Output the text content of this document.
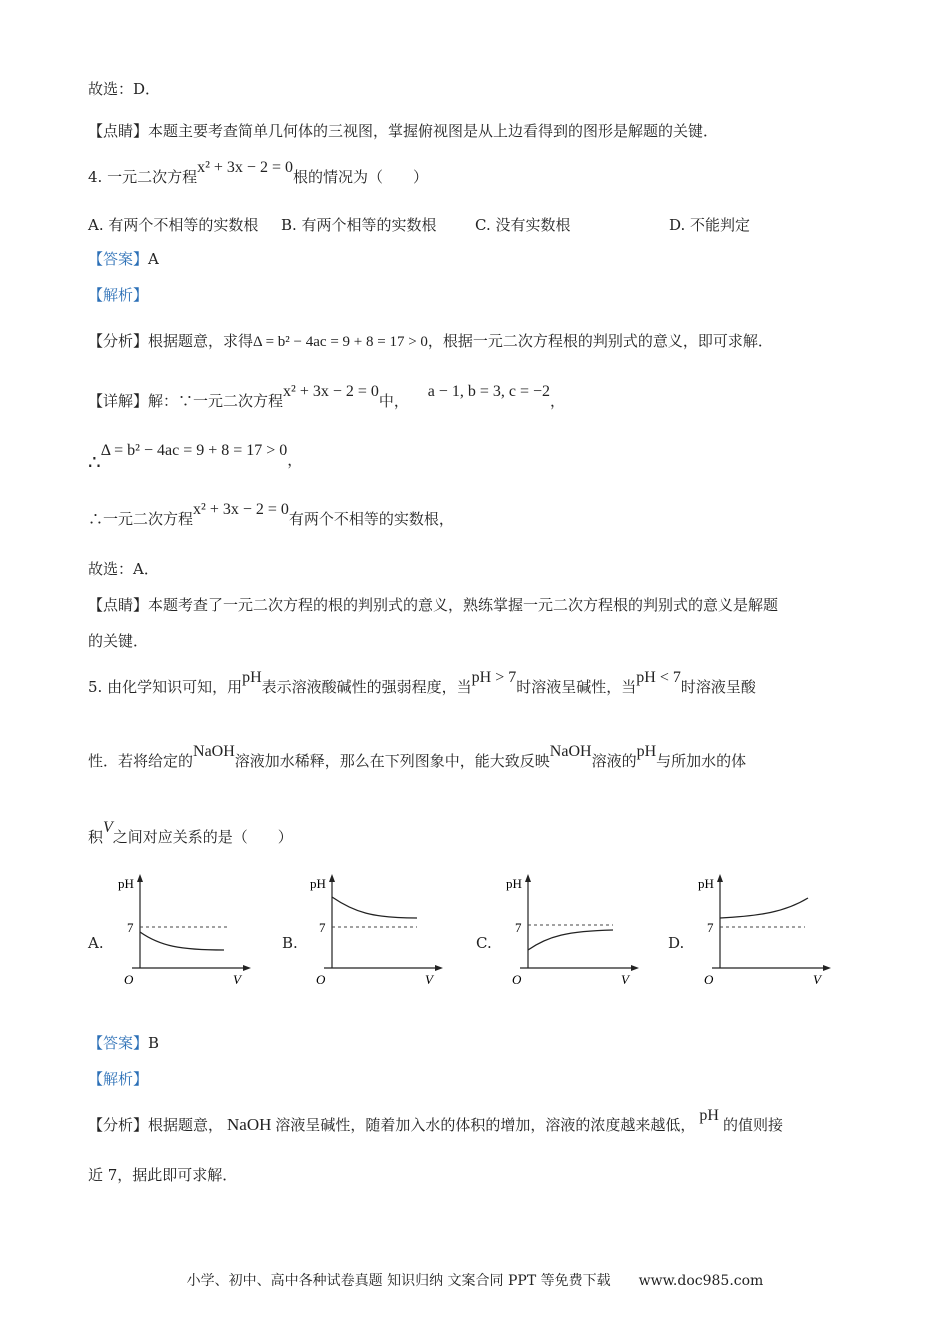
故选：D．
【点睛】本题主要考查简单几何体的三视图，掌握俯视图是从上边看得到的图形是解题的关键．
4. 一元二次方程x² + 3x − 2 = 0根的情况为（　　）
A. 有两个不相等的实数根 B. 有两个相等的实数根	C. 没有实数根	D. 不能判定
【答案】A
【解析】
【分析】根据题意，求得Δ = b² − 4ac = 9 + 8 = 17 > 0，根据一元二次方程根的判别式的意义，即可求解．
【详解】解：∵一元二次方程x² + 3x − 2 = 0中， a − 1, b = 3, c = −2，
∴Δ = b² − 4ac = 9 + 8 = 17 > 0，
∴一元二次方程x² + 3x − 2 = 0有两个不相等的实数根，
故选：A．
【点睛】本题考查了一元二次方程的根的判别式的意义，熟练掌握一元二次方程根的判别式的意义是解题
的关键．
5. 由化学知识可知，用pH表示溶液酸碱性的强弱程度，当pH > 7时溶液呈碱性，当pH < 7时溶液呈酸
性．若将给定的NaOH溶液加水稀释，那么在下列图象中，能大致反映NaOH溶液的pH与所加水的体
积V之间对应关系的是（　　）
A.
pH
7
O	V
B.
pH
7
O	V
C.
pH
7
O	V
D.
pH
7
O	V
【答案】B
【解析】
【分析】根据题意， NaOH 溶液呈碱性，随着加入水的体积的增加，溶液的浓度越来越低，pH的值则接
近 7，据此即可求解．
小学、初中、高中各种试卷真题 知识归纳 文案合同 PPT 等免费下载　　www.doc985.com
